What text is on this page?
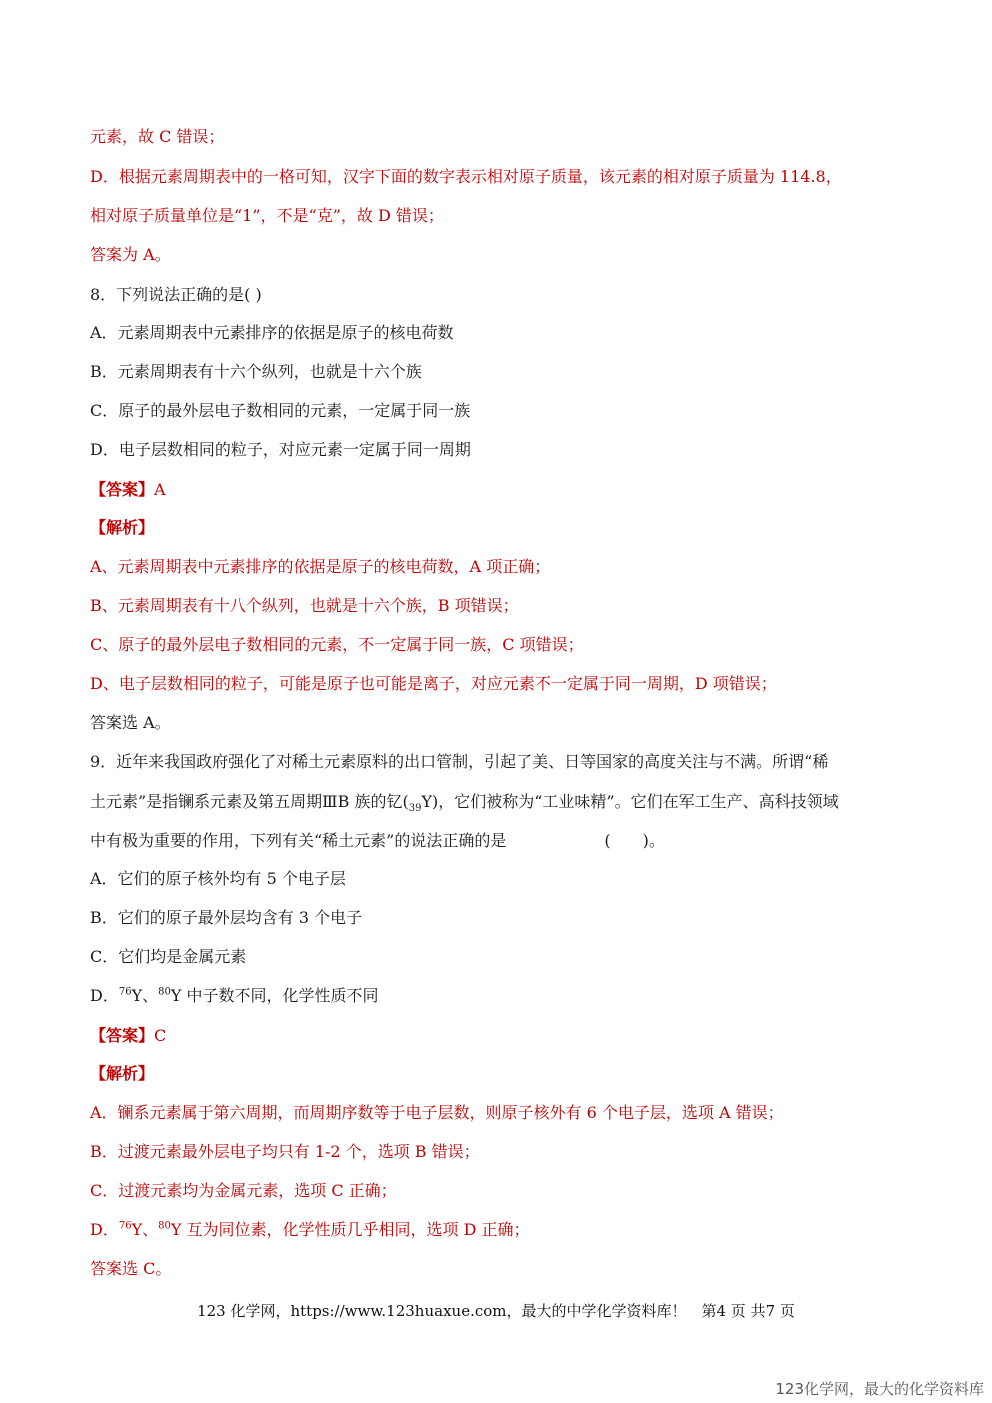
元素，故 C 错误；
D．根据元素周期表中的一格可知，汉字下面的数字表示相对原子质量，该元素的相对原子质量为 114.8，
相对原子质量单位是“1”，不是“克”，故 D 错误；
答案为 A。
8．下列说法正确的是( )
A．元素周期表中元素排序的依据是原子的核电荷数
B．元素周期表有十六个纵列，也就是十六个族
C．原子的最外层电子数相同的元素，一定属于同一族
D．电子层数相同的粒子，对应元素一定属于同一周期
【答案】A
【解析】
A、元素周期表中元素排序的依据是原子的核电荷数，A 项正确；
B、元素周期表有十八个纵列，也就是十六个族，B 项错误；
C、原子的最外层电子数相同的元素，不一定属于同一族，C 项错误；
D、电子层数相同的粒子，可能是原子也可能是离子，对应元素不一定属于同一周期，D 项错误；
答案选 A。
9．近年来我国政府强化了对稀土元素原料的出口管制，引起了美、日等国家的高度关注与不满。所谓“稀
土元素”是指镧系元素及第五周期ⅢB 族的钇$(_{39}Y)$，它们被称为“工业味精”。它们在军工生产、高科技领域
中有极为重要的作用，下列有关“稀土元素”的说法正确的是	(　　)。
A．它们的原子核外均有 5 个电子层
B．它们的原子最外层均含有 3 个电子
C．它们均是金属元素
D．$^{76}$Y、$^{80}$Y 中子数不同，化学性质不同
【答案】C
【解析】
A．镧系元素属于第六周期，而周期序数等于电子层数，则原子核外有 6 个电子层，选项 A 错误；
B．过渡元素最外层电子均只有 1-2 个，选项 B 错误；
C．过渡元素均为金属元素，选项 C 正确；
D．$^{76}$Y、$^{80}$Y 互为同位素，化学性质几乎相同，选项 D 正确；
答案选 C。
123 化学网，https://www.123huaxue.com，最大的中学化学资料库！　第4 页 共7 页
123化学网，最大的化学资料库
